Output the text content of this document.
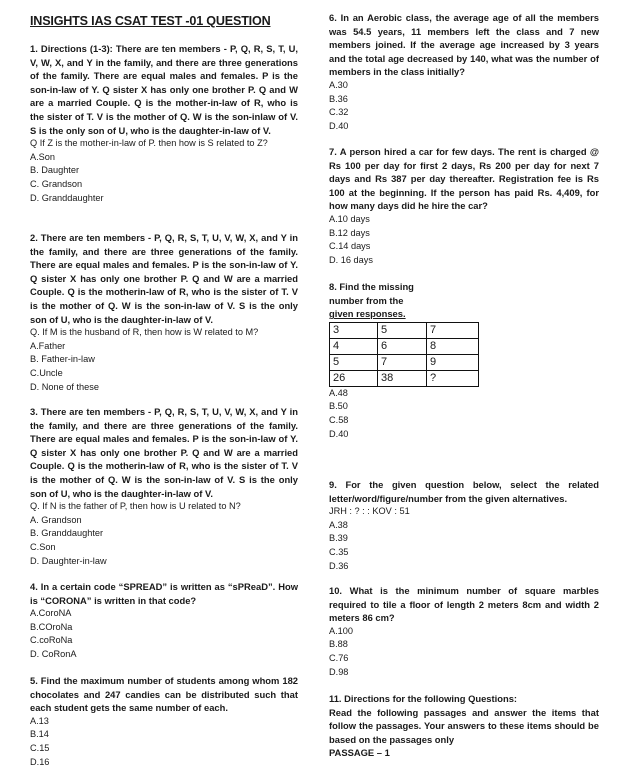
INSIGHTS IAS CSAT TEST -01 QUESTION
1. Directions (1-3): There are ten members - P, Q, R, S, T, U, V, W, X, and Y in the family, and there are three generations of the family. There are equal males and females. P is the son-in-law of Y. Q sister X has only one brother P. Q and W are a married Couple. Q is the mother-in-law of R, who is the sister of T. V is the mother of Q. W is the son-inlaw of V. S is the only son of U, who is the daughter-in-law of V.
Q If Z is the mother-in-law of P. then how is S related to Z?
A.Son
B. Daughter
C. Grandson
D. Granddaughter
2. There are ten members - P, Q, R, S, T, U, V, W, X, and Y in the family, and there are three generations of the family. There are equal males and females. P is the son-in-law of Y. Q sister X has only one brother P. Q and W are a married Couple. Q is the motherin-law of R, who is the sister of T. V is the mother of Q. W is the son-in-law of V. S is the only son of U, who is the daughter-in-law of V.
Q. If M is the husband of R, then how is W related to M?
A.Father
B. Father-in-law
C.Uncle
D. None of these
3. There are ten members - P, Q, R, S, T, U, V, W, X, and Y in the family, and there are three generations of the family. There are equal males and females. P is the son-in-law of Y. Q sister X has only one brother P. Q and W are a married Couple. Q is the motherin-law of R, who is the sister of T. V is the mother of Q. W is the son-in-law of V. S is the only son of U, who is the daughter-in-law of V.
Q. If N is the father of P, then how is U related to N?
A. Grandson
B. Granddaughter
C.Son
D. Daughter-in-law
4. In a certain code “SPREAD” is written as “sPReaD”. How is “CORONA” is written in that code?
A.CoroNA
B.COroNa
C.coRoNa
D. CoRonA
5. Find the maximum number of students among whom 182 chocolates and 247 candies can be distributed such that each student gets the same number of each.
A.13
B.14
C.15
D.16
6. In an Aerobic class, the average age of all the members was 54.5 years, 11 members left the class and 7 new members joined. If the average age increased by 3 years and the total age decreased by 140, what was the number of members in the class initially?
A.30
B.36
C.32
D.40
7. A person hired a car for few days. The rent is charged @ Rs 100 per day for first 2 days, Rs 200 per day for next 7 days and Rs 387 per day thereafter. Registration fee is Rs 100 at the beginning. If the person has paid Rs. 4,409, for how many days did he hire the car?
A.10 days
B.12 days
C.14 days
D. 16 days
8. Find the missing
number from the
given responses.
3	5	7
4	6	8
5	7	9
26	38	?
A.48
B.50
C.58
D.40
9. For the given question below, select the related letter/word/figure/number from the given alternatives.
JRH : ? : : KOV : 51
A.38
B.39
C.35
D.36
10. What is the minimum number of square marbles required to tile a floor of length 2 meters 8cm and width 2 meters 86 cm?
A.100
B.88
C.76
D.98
11. Directions for the following Questions:
Read the following passages and answer the items that follow the passages. Your answers to these items should be based on the passages only
PASSAGE – 1
